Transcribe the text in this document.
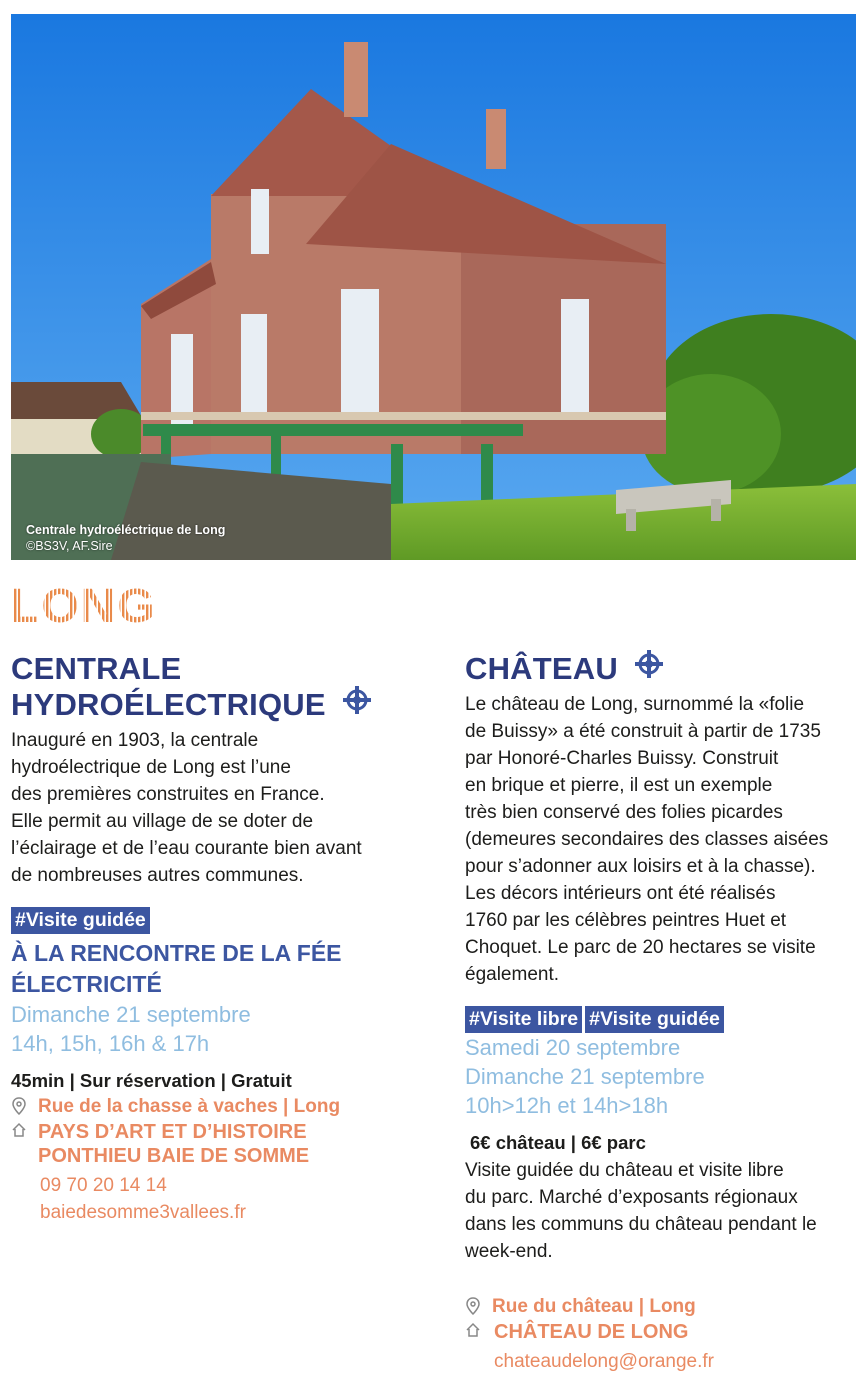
Centrale hydroéléctrique de Long
©BS3V, AF.Sire
LONG
CENTRALE
HYDROÉLECTRIQUE
Inauguré en 1903, la centrale
hydroélectrique de Long est l’une
des premières construites en France.
Elle permit au village de se doter de
l’éclairage et de l’eau courante bien avant
de nombreuses autres communes.
#Visite guidée
À LA RENCONTRE DE LA FÉE
ÉLECTRICITÉ
Dimanche 21 septembre
14h, 15h, 16h & 17h
45min | Sur réservation | Gratuit
Rue de la chasse à vaches | Long
PAYS D’ART ET D’HISTOIRE
PONTHIEU BAIE DE SOMME
09 70 20 14 14
baiedesomme3vallees.fr
CHÂTEAU
Le château de Long, surnommé la «folie
de Buissy» a été construit à partir de 1735
par Honoré-Charles Buissy. Construit
en brique et pierre, il est un exemple
très bien conservé des folies picardes
(demeures secondaires des classes aisées
pour s’adonner aux loisirs et à la chasse).
Les décors intérieurs ont été réalisés
1760 par les célèbres peintres Huet et
Choquet. Le parc de 20 hectares se visite
également.
#Visite libre #Visite guidée
Samedi 20 septembre
Dimanche 21 septembre
10h>12h et 14h>18h
6€ château | 6€ parc
Visite guidée du château et visite libre
du parc. Marché d’exposants régionaux
dans les communs du château pendant le
week-end.
Rue du château | Long
CHÂTEAU DE LONG
chateaudelong@orange.fr
